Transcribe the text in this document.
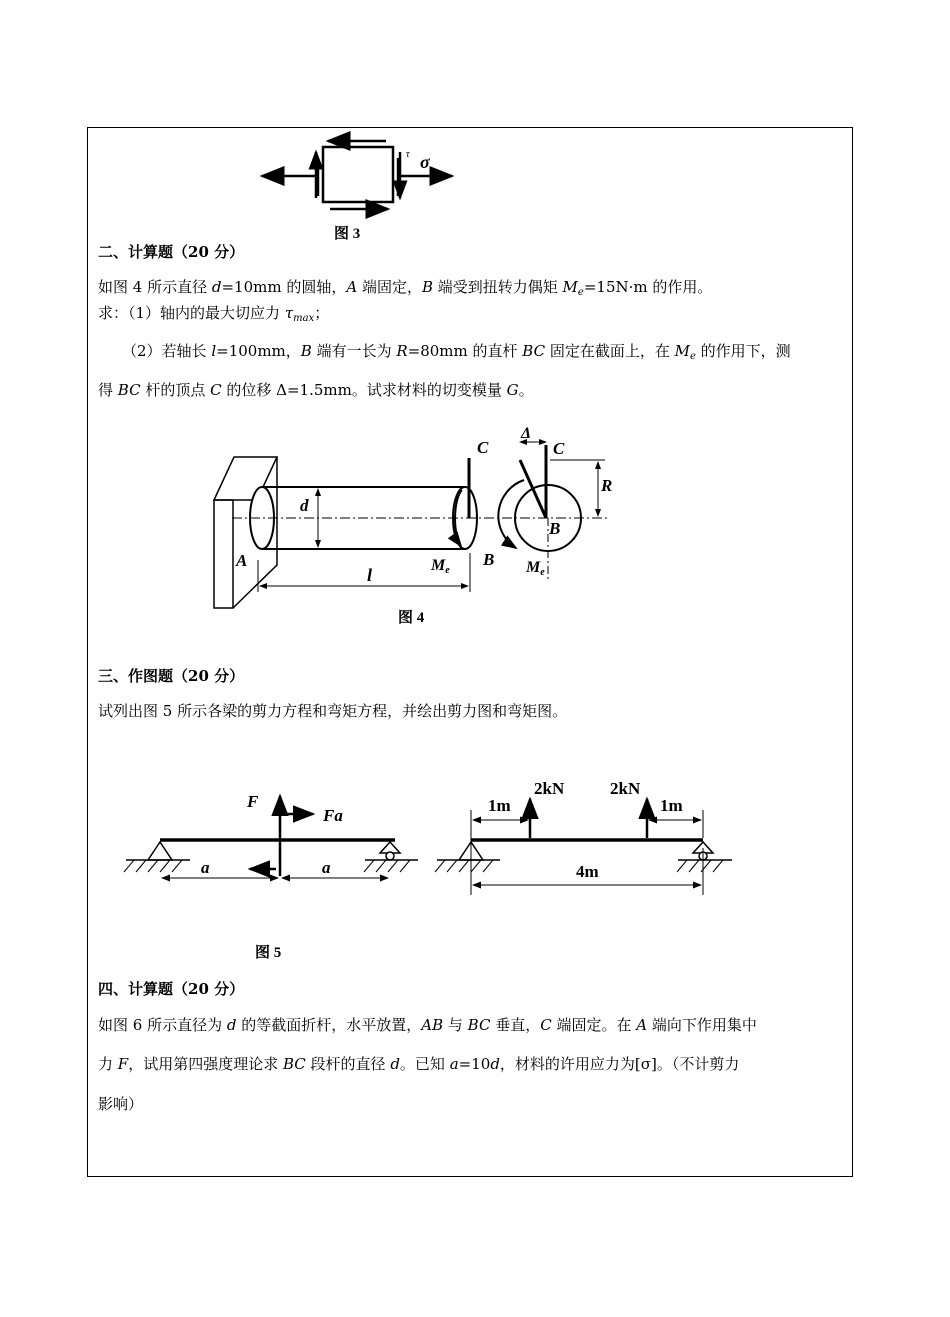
σ
τ
图 3
二、计算题（20 分）
如图 4 所示直径 d=10mm 的圆轴，A 端固定，B 端受到扭转力偶矩 $M_e=15N\cdot m$ 的作用。
求：（1）轴内的最大切应力 $\tau_{max}$；
（2）若轴长 l=100mm，B 端有一长为 R=80mm 的直杆 BC 固定在截面上，在 $M_e$ 的作用下，测
得 BC 杆的顶点 C 的位移 Δ=1.5mm。试求材料的切变模量 G。
A
d
l
C
Me
B
Δ
C
R
B
Me
图 4
三、作图题（20 分）
试列出图 5 所示各梁的剪力方程和弯矩方程，并绘出剪力图和弯矩图。
F
Fa
a	a
2kN	2kN
1m	1m
4m
图 5
四、计算题（20 分）
如图 6 所示直径为 d 的等截面折杆，水平放置，AB 与 BC 垂直，C 端固定。在 A 端向下作用集中
力 F，试用第四强度理论求 BC 段杆的直径 d。已知 a=10d，材料的许用应力为[σ]。（不计剪力
影响）
